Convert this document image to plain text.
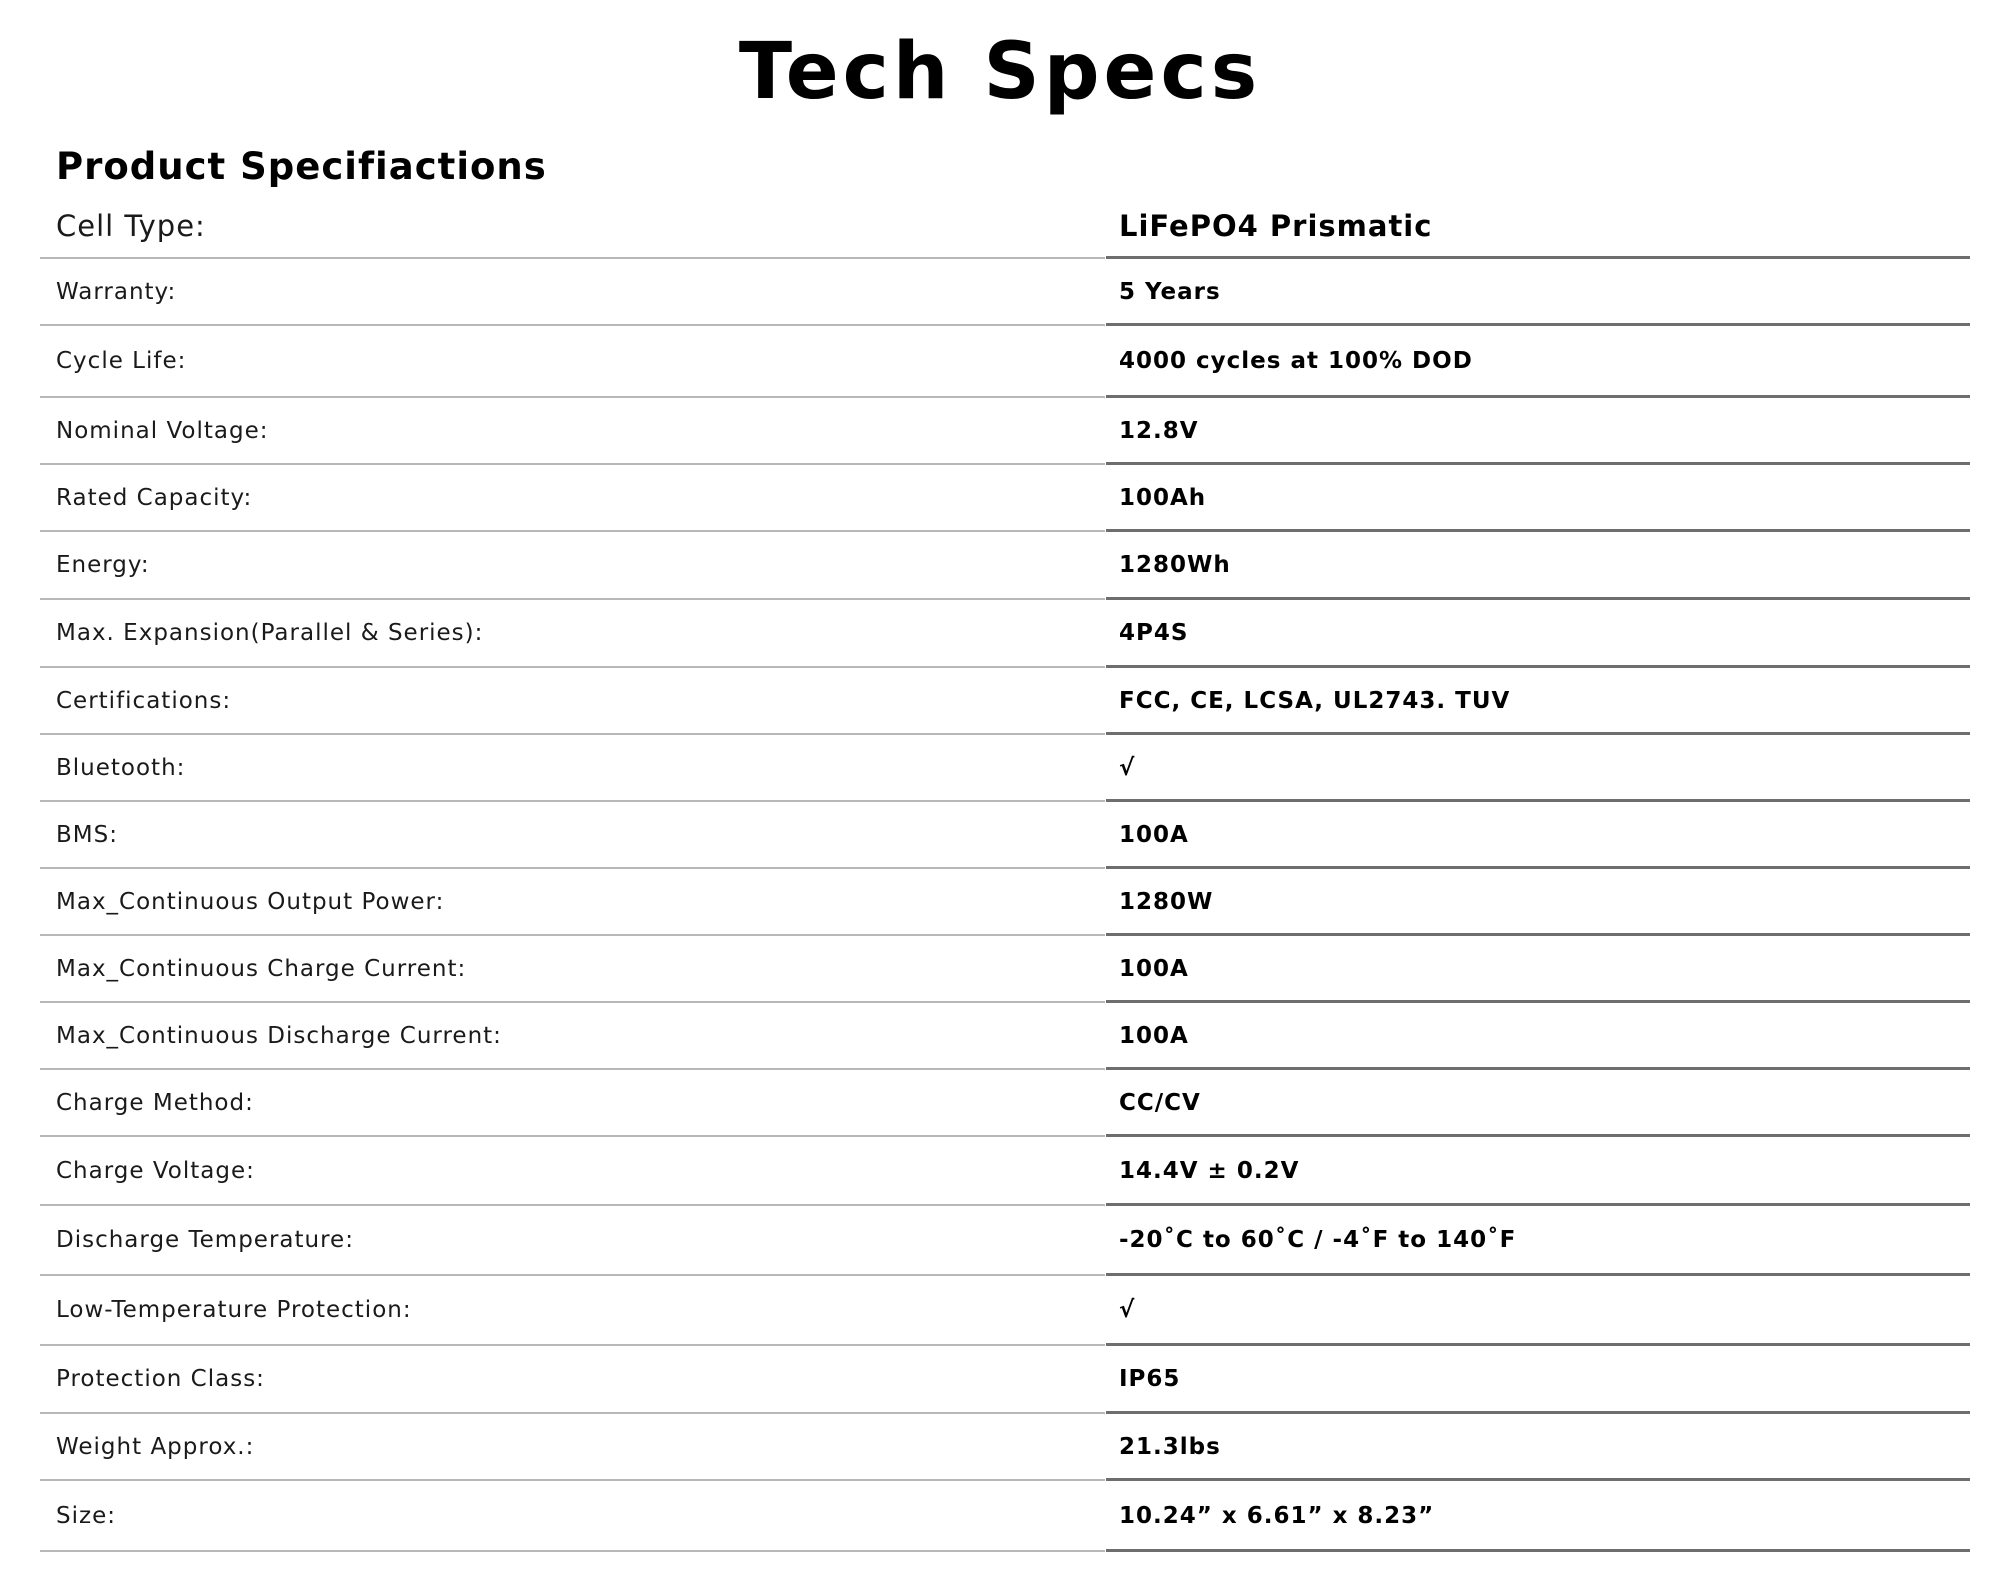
Tech Specs
Product Specifiactions
Cell Type:	LiFePO4 Prismatic
Warranty:	5 Years
Cycle Life:	4000 cycles at 100% DOD
Nominal Voltage:	12.8V
Rated Capacity:	100Ah
Energy:	1280Wh
Max. Expansion(Parallel & Series):	4P4S
Certifications:	FCC, CE, LCSA, UL2743. TUV
Bluetooth:	√
BMS:	100A
Max_Continuous Output Power:	1280W
Max_Continuous Charge Current:	100A
Max_Continuous Discharge Current:	100A
Charge Method:	CC/CV
Charge Voltage:	14.4V ± 0.2V
Discharge Temperature:	-20˚C to 60˚C / -4˚F to 140˚F
Low-Temperature Protection:	√
Protection Class:	IP65
Weight Approx.:	21.3lbs
Size:	10.24” x 6.61” x 8.23”
